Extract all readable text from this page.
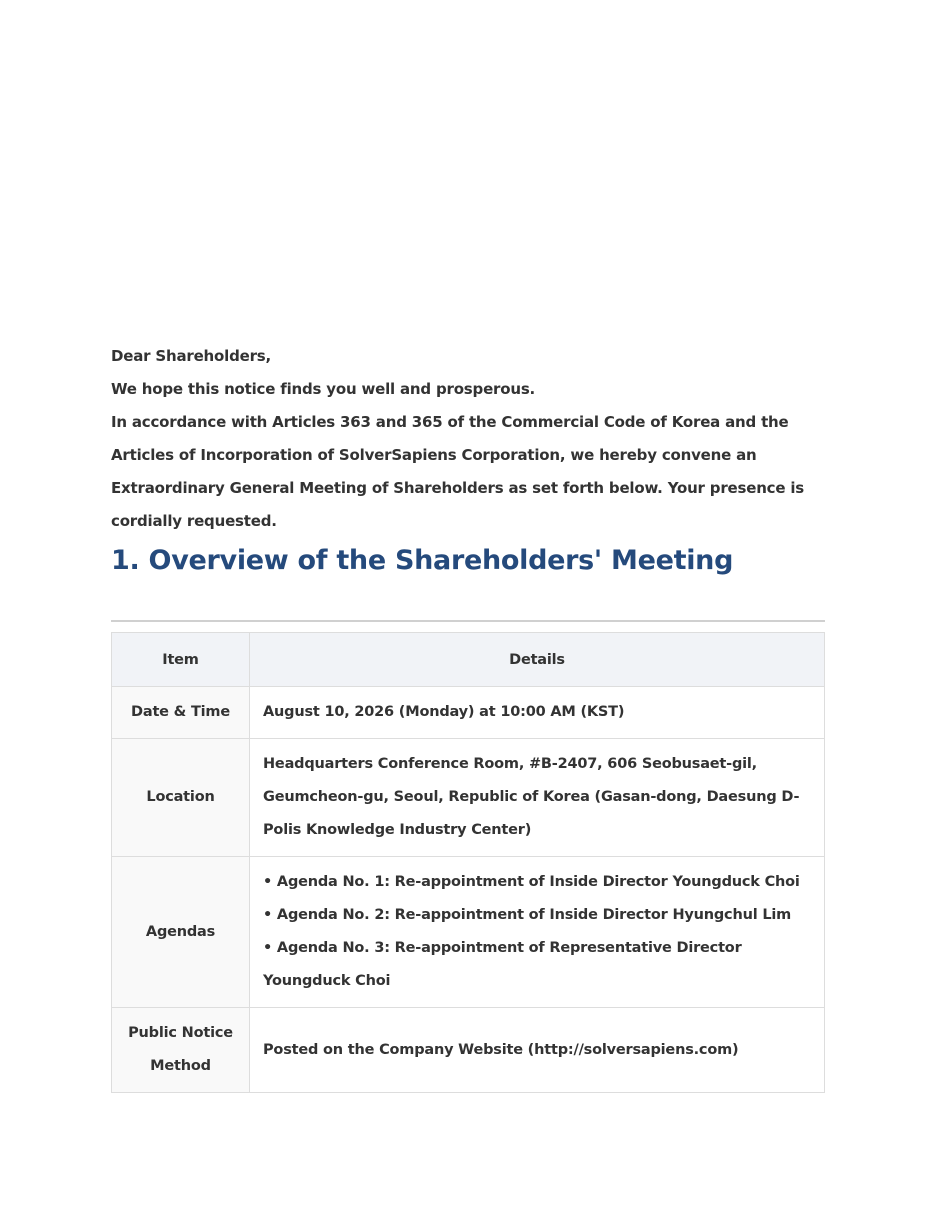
Dear Shareholders,

We hope this notice finds you well and prosperous.

In accordance with Articles 363 and 365 of the Commercial Code of Korea and the Articles of Incorporation of SolverSapiens Corporation, we hereby convene an Extraordinary General Meeting of Shareholders as set forth below. Your presence is cordially requested.

1. Overview of the Shareholders' Meeting
Item	Details
Date & Time	August 10, 2026 (Monday) at 10:00 AM (KST)
Location	Headquarters Conference Room, #B-2407, 606 Seobusaet-gil, Geumcheon-gu, Seoul, Republic of Korea (Gasan-dong, Daesung D-Polis Knowledge Industry Center)
Agendas	• Agenda No. 1: Re-appointment of Inside Director Youngduck Choi
• Agenda No. 2: Re-appointment of Inside Director Hyungchul Lim
• Agenda No. 3: Re-appointment of Representative Director Youngduck Choi

Public Notice Method	Posted on the Company Website (http://solversapiens.com)
